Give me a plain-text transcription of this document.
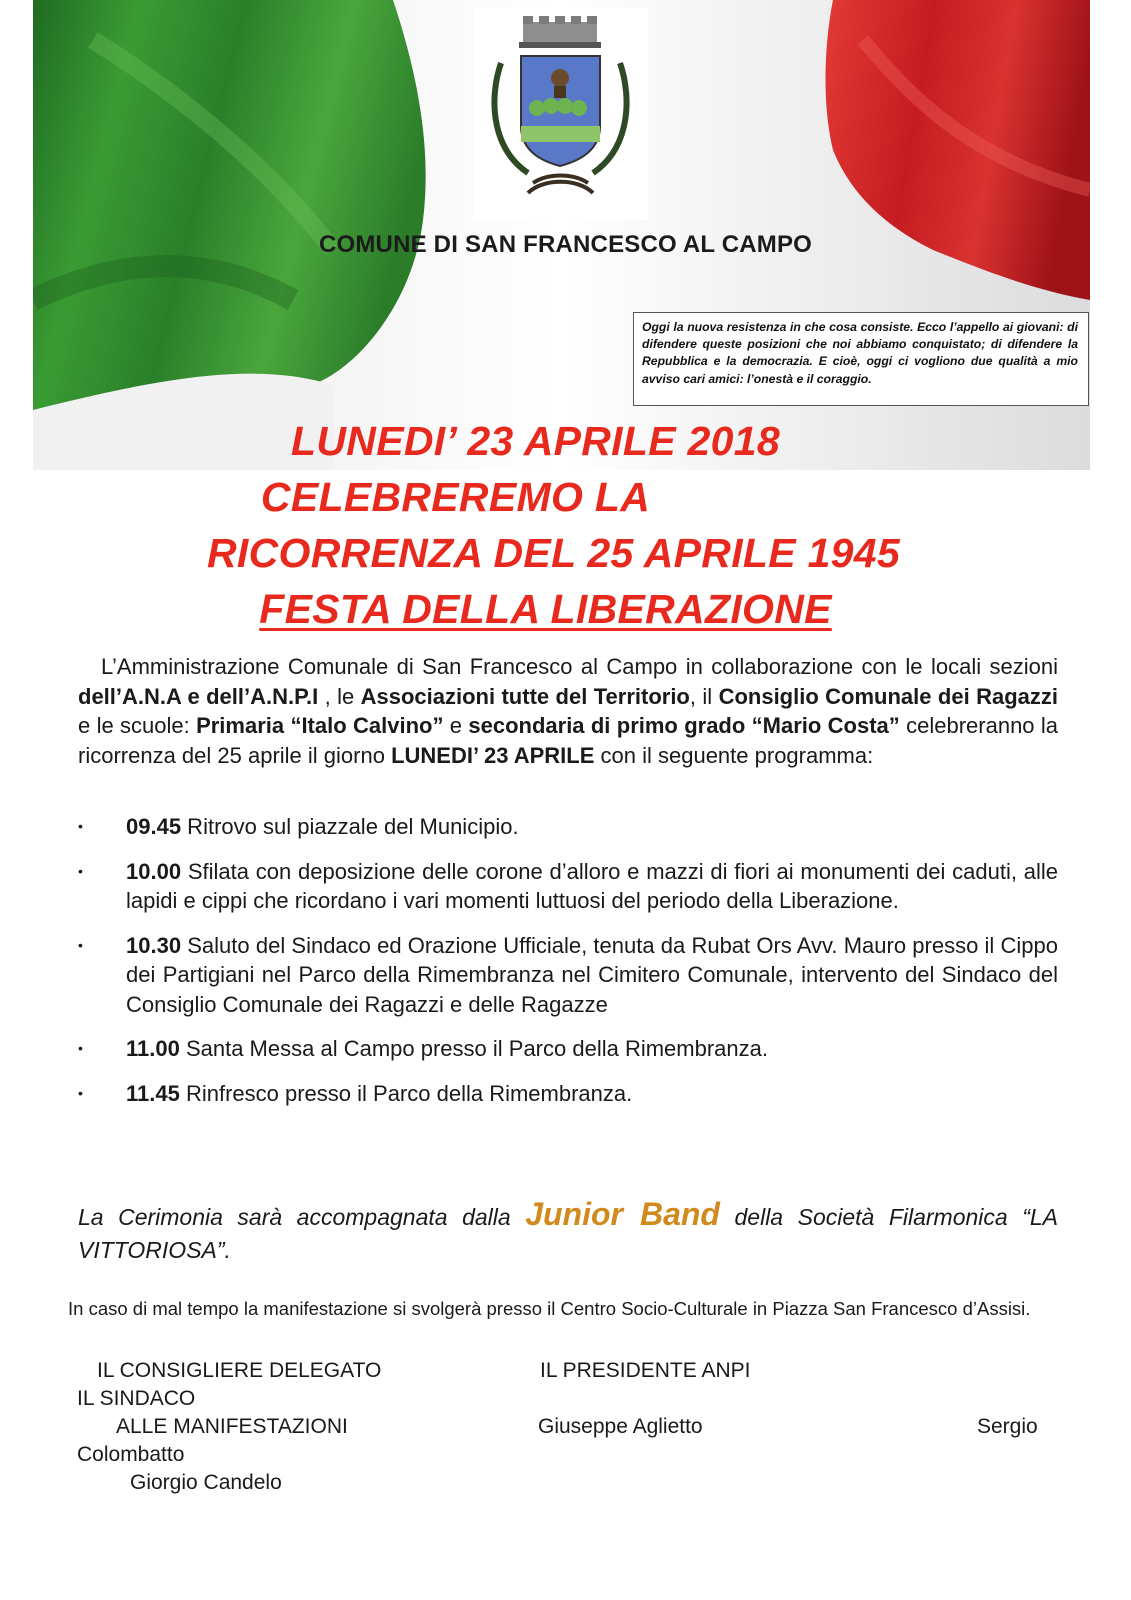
COMUNE DI SAN FRANCESCO AL CAMPO
Oggi la nuova resistenza in che cosa consiste. Ecco l’appello ai giovani: di difendere queste posizioni che noi abbiamo conquistato; di difendere la Repubblica e la democrazia. E cioè, oggi ci vogliono due qualità a mio avviso cari amici: l’onestà e il coraggio.
LUNEDI’ 23 APRILE 2018
CELEBREREMO LA
RICORRENZA DEL 25 APRILE 1945
FESTA DELLA LIBERAZIONE
L’Amministrazione Comunale di San Francesco al Campo in collaborazione con le locali sezioni dell’A.N.A e dell’A.N.P.I , le Associazioni tutte del Territorio, il Consiglio Comunale dei Ragazzi e le scuole: Primaria “Italo Calvino” e secondaria di primo grado “Mario Costa” celebreranno la ricorrenza del 25 aprile il giorno LUNEDI’ 23 APRILE con il seguente programma:
• 09.45 Ritrovo sul piazzale del Municipio.
• 10.00 Sfilata con deposizione delle corone d’alloro e mazzi di fiori ai monumenti dei caduti, alle lapidi e cippi che ricordano i vari momenti luttuosi del periodo della Liberazione.
• 10.30 Saluto del Sindaco ed Orazione Ufficiale, tenuta da Rubat Ors Avv. Mauro presso il Cippo dei Partigiani nel Parco della Rimembranza nel Cimitero Comunale, intervento del Sindaco del Consiglio Comunale dei Ragazzi e delle Ragazze
• 11.00 Santa Messa al Campo presso il Parco della Rimembranza.
• 11.45 Rinfresco presso il Parco della Rimembranza.
La Cerimonia sarà accompagnata dalla Junior Band della Società Filarmonica “LA VITTORIOSA”.
In caso di mal tempo la manifestazione si svolgerà presso il Centro Socio-Culturale in Piazza San Francesco d’Assisi.
IL CONSIGLIERE DELEGATO	IL PRESIDENTE ANPI
IL SINDACO
ALLE MANIFESTAZIONI	Giuseppe Aglietto	Sergio
Colombatto
Giorgio Candelo
